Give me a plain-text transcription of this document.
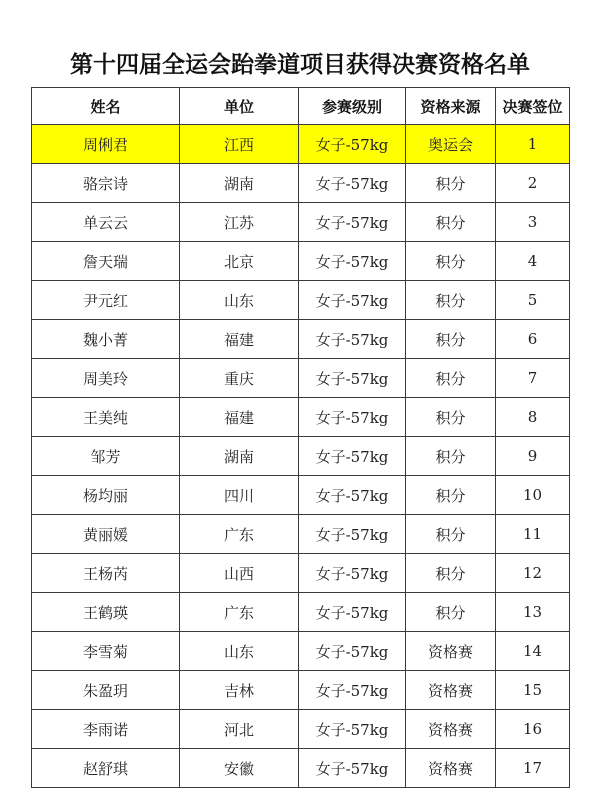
第十四届全运会跆拳道项目获得决赛资格名单
姓名	单位	参赛级别	资格来源	决赛签位
周俐君	江西	女子-57kg	奥运会	1
骆宗诗	湖南	女子-57kg	积分	2
单云云	江苏	女子-57kg	积分	3
詹天瑞	北京	女子-57kg	积分	4
尹元红	山东	女子-57kg	积分	5
魏小菁	福建	女子-57kg	积分	6
周美玲	重庆	女子-57kg	积分	7
王美纯	福建	女子-57kg	积分	8
邹芳	湖南	女子-57kg	积分	9
杨均丽	四川	女子-57kg	积分	10
黄丽媛	广东	女子-57kg	积分	11
王杨芮	山西	女子-57kg	积分	12
王鹤瑛	广东	女子-57kg	积分	13
李雪菊	山东	女子-57kg	资格赛	14
朱盈玥	吉林	女子-57kg	资格赛	15
李雨诺	河北	女子-57kg	资格赛	16
赵舒琪	安徽	女子-57kg	资格赛	17
